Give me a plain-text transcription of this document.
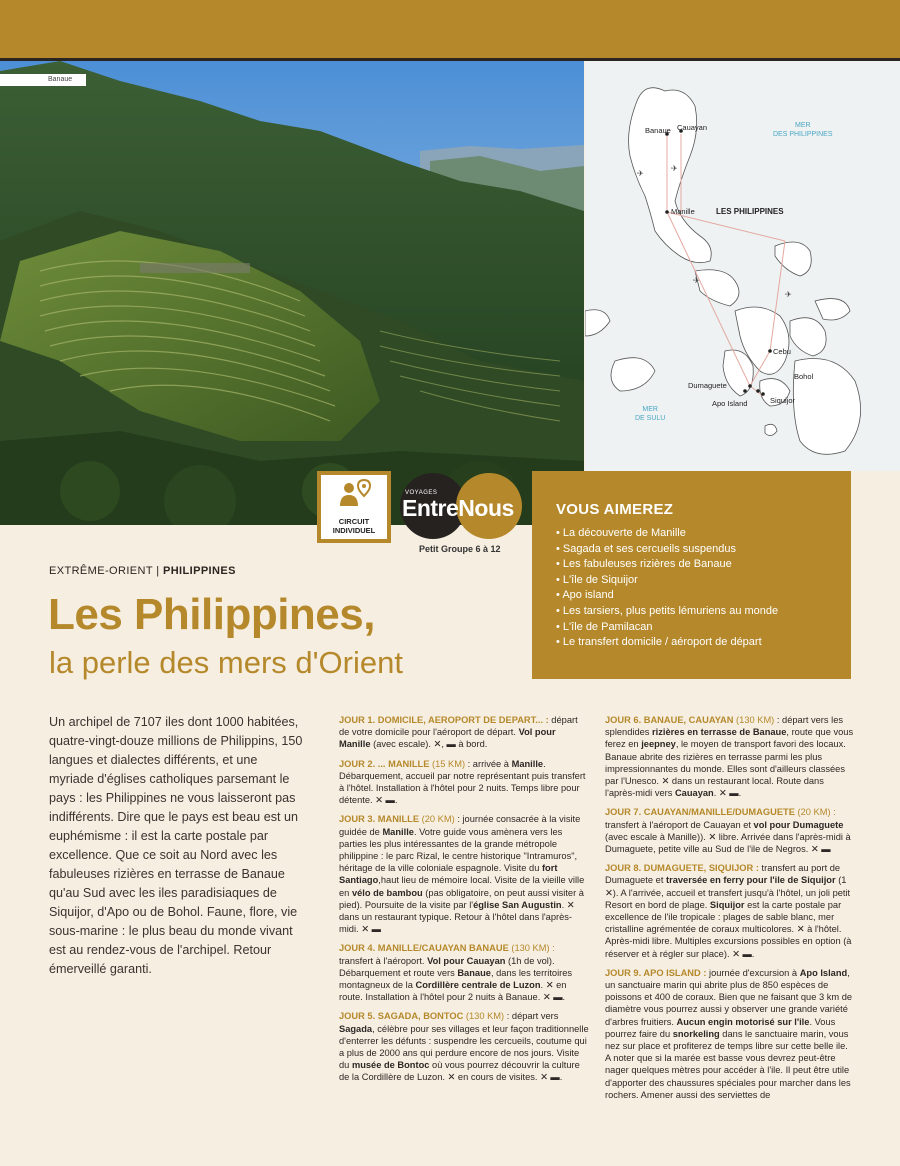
Banaue
✈
✈
✈
✈
Banaue Cauayan
Manille	LES PHILIPPINES
Cebu
Bohol
Dumaguete
Siquijor
Apo Island
MER
DES PHILIPPINES
MER
DE SULU
CIRCUIT
INDIVIDUEL
VOYAGES
EntreNous
Petit Groupe 6 à 12
VOUS AIMEREZ
• La découverte de Manille
• Sagada et ses cercueils suspendus
• Les fabuleuses rizières de Banaue
• L'île de Siquijor
• Apo island
• Les tarsiers, plus petits lémuriens au monde
• L'île de Pamilacan
• Le transfert domicile / aéroport de départ
EXTRÊME-ORIENT | PHILIPPINES
Les Philippines,
la perle des mers d'Orient
Un archipel de 7107 iles dont 1000 habitées, quatre-vingt-douze millions de Philippins, 150 langues et dialectes différents, et une myriade d'églises catholiques parsemant le pays : les Philippines ne vous laisseront pas indifférents. Dire que le pays est beau est un euphémisme : il est la carte postale par excellence. Que ce soit au Nord avec les fabuleuses rizières en terrasse de Banaue qu'au Sud avec les iles paradisiaques de Siquijor, d'Apo ou de Bohol. Faune, flore, vie sous-marine : le plus beau du monde vivant est au rendez-vous de l'archipel. Retour émerveillé garanti.

JOUR 1. DOMICILE, AEROPORT DE DEPART... : départ de votre domicile pour l'aéroport de départ. Vol pour Manille (avec escale). ✕, ▬ à bord.

JOUR 2. ... MANILLE (15 KM) : arrivée à Manille. Débarquement, accueil par notre représentant puis transfert à l'hôtel. Installation à l'hôtel pour 2 nuits. Temps libre pour détente. ✕ ▬.

JOUR 3. MANILLE (20 KM) : journée consacrée à la visite guidée de Manille. Votre guide vous amènera vers les parties les plus intéressantes de la grande métropole philippine : le parc Rizal, le centre historique "Intramuros", héritage de la ville coloniale espagnole. Visite du fort Santiago,haut lieu de mémoire local. Visite de la vieille ville en vélo de bambou (pas obligatoire, on peut aussi visiter à pied). Poursuite de la visite par l'église San Augustin. ✕ dans un restaurant typique. Retour à l'hôtel dans l'après-midi. ✕ ▬

JOUR 4. MANILLE/CAUAYAN BANAUE (130 KM) : transfert à l'aéroport. Vol pour Cauayan (1h de vol). Débarquement et route vers Banaue, dans les territoires montagneux de la Cordillère centrale de Luzon. ✕ en route. Installation à l'hôtel pour 2 nuits à Banaue. ✕ ▬.

JOUR 5. SAGADA, BONTOC (130 KM) : départ vers Sagada, célèbre pour ses villages et leur façon traditionnelle d'enterrer les défunts : suspendre les cercueils, coutume qui a plus de 2000 ans qui perdure encore de nos jours. Visite du musée de Bontoc où vous pourrez découvrir la culture de la Cordillère de Luzon. ✕ en cours de visites. ✕ ▬.

JOUR 6. BANAUE, CAUAYAN (130 KM) : départ vers les splendides rizières en terrasse de Banaue, route que vous ferez en jeepney, le moyen de transport favori des locaux. Banaue abrite des rizières en terrasse parmi les plus impressionnantes du monde. Elles sont d'ailleurs classées par l'Unesco. ✕ dans un restaurant local. Route dans l'après-midi vers Cauayan. ✕ ▬.

JOUR 7. CAUAYAN/MANILLE/DUMAGUETE (20 KM) : transfert à l'aéroport de Cauayan et vol pour Dumaguete (avec escale à Manille)). ✕ libre. Arrivée dans l'après-midi à Dumaguete, petite ville au Sud de l'ile de Negros. ✕ ▬

JOUR 8. DUMAGUETE, SIQUIJOR : transfert au port de Dumaguete et traversée en ferry pour l'ile de Siquijor (1 ✕). A l'arrivée, accueil et transfert jusqu'à l'hôtel, un joli petit Resort en bord de plage. Siquijor est la carte postale par excellence de l'ile tropicale : plages de sable blanc, mer cristalline agrémentée de coraux multicolores. ✕ à l'hôtel. Après-midi libre. Multiples excursions possibles en option (à réserver et à régler sur place). ✕ ▬.

JOUR 9. APO ISLAND : journée d'excursion à Apo Island, un sanctuaire marin qui abrite plus de 850 espèces de poissons et 400 de coraux. Bien que ne faisant que 3 km de diamètre vous pourrez aussi y observer une grande variété d'arbres fruitiers. Aucun engin motorisé sur l'ile. Vous pourrez faire du snorkeling dans le sanctuaire marin, vous nez sur place et profiterez de temps libre sur cette belle ile. A noter que si la marée est basse vous devrez peut-être nager quelques mètres pour accéder à l'ile. Il peut être utile d'apporter des chaussures spéciales pour marcher dans les rochers. Amener aussi des serviettes de
